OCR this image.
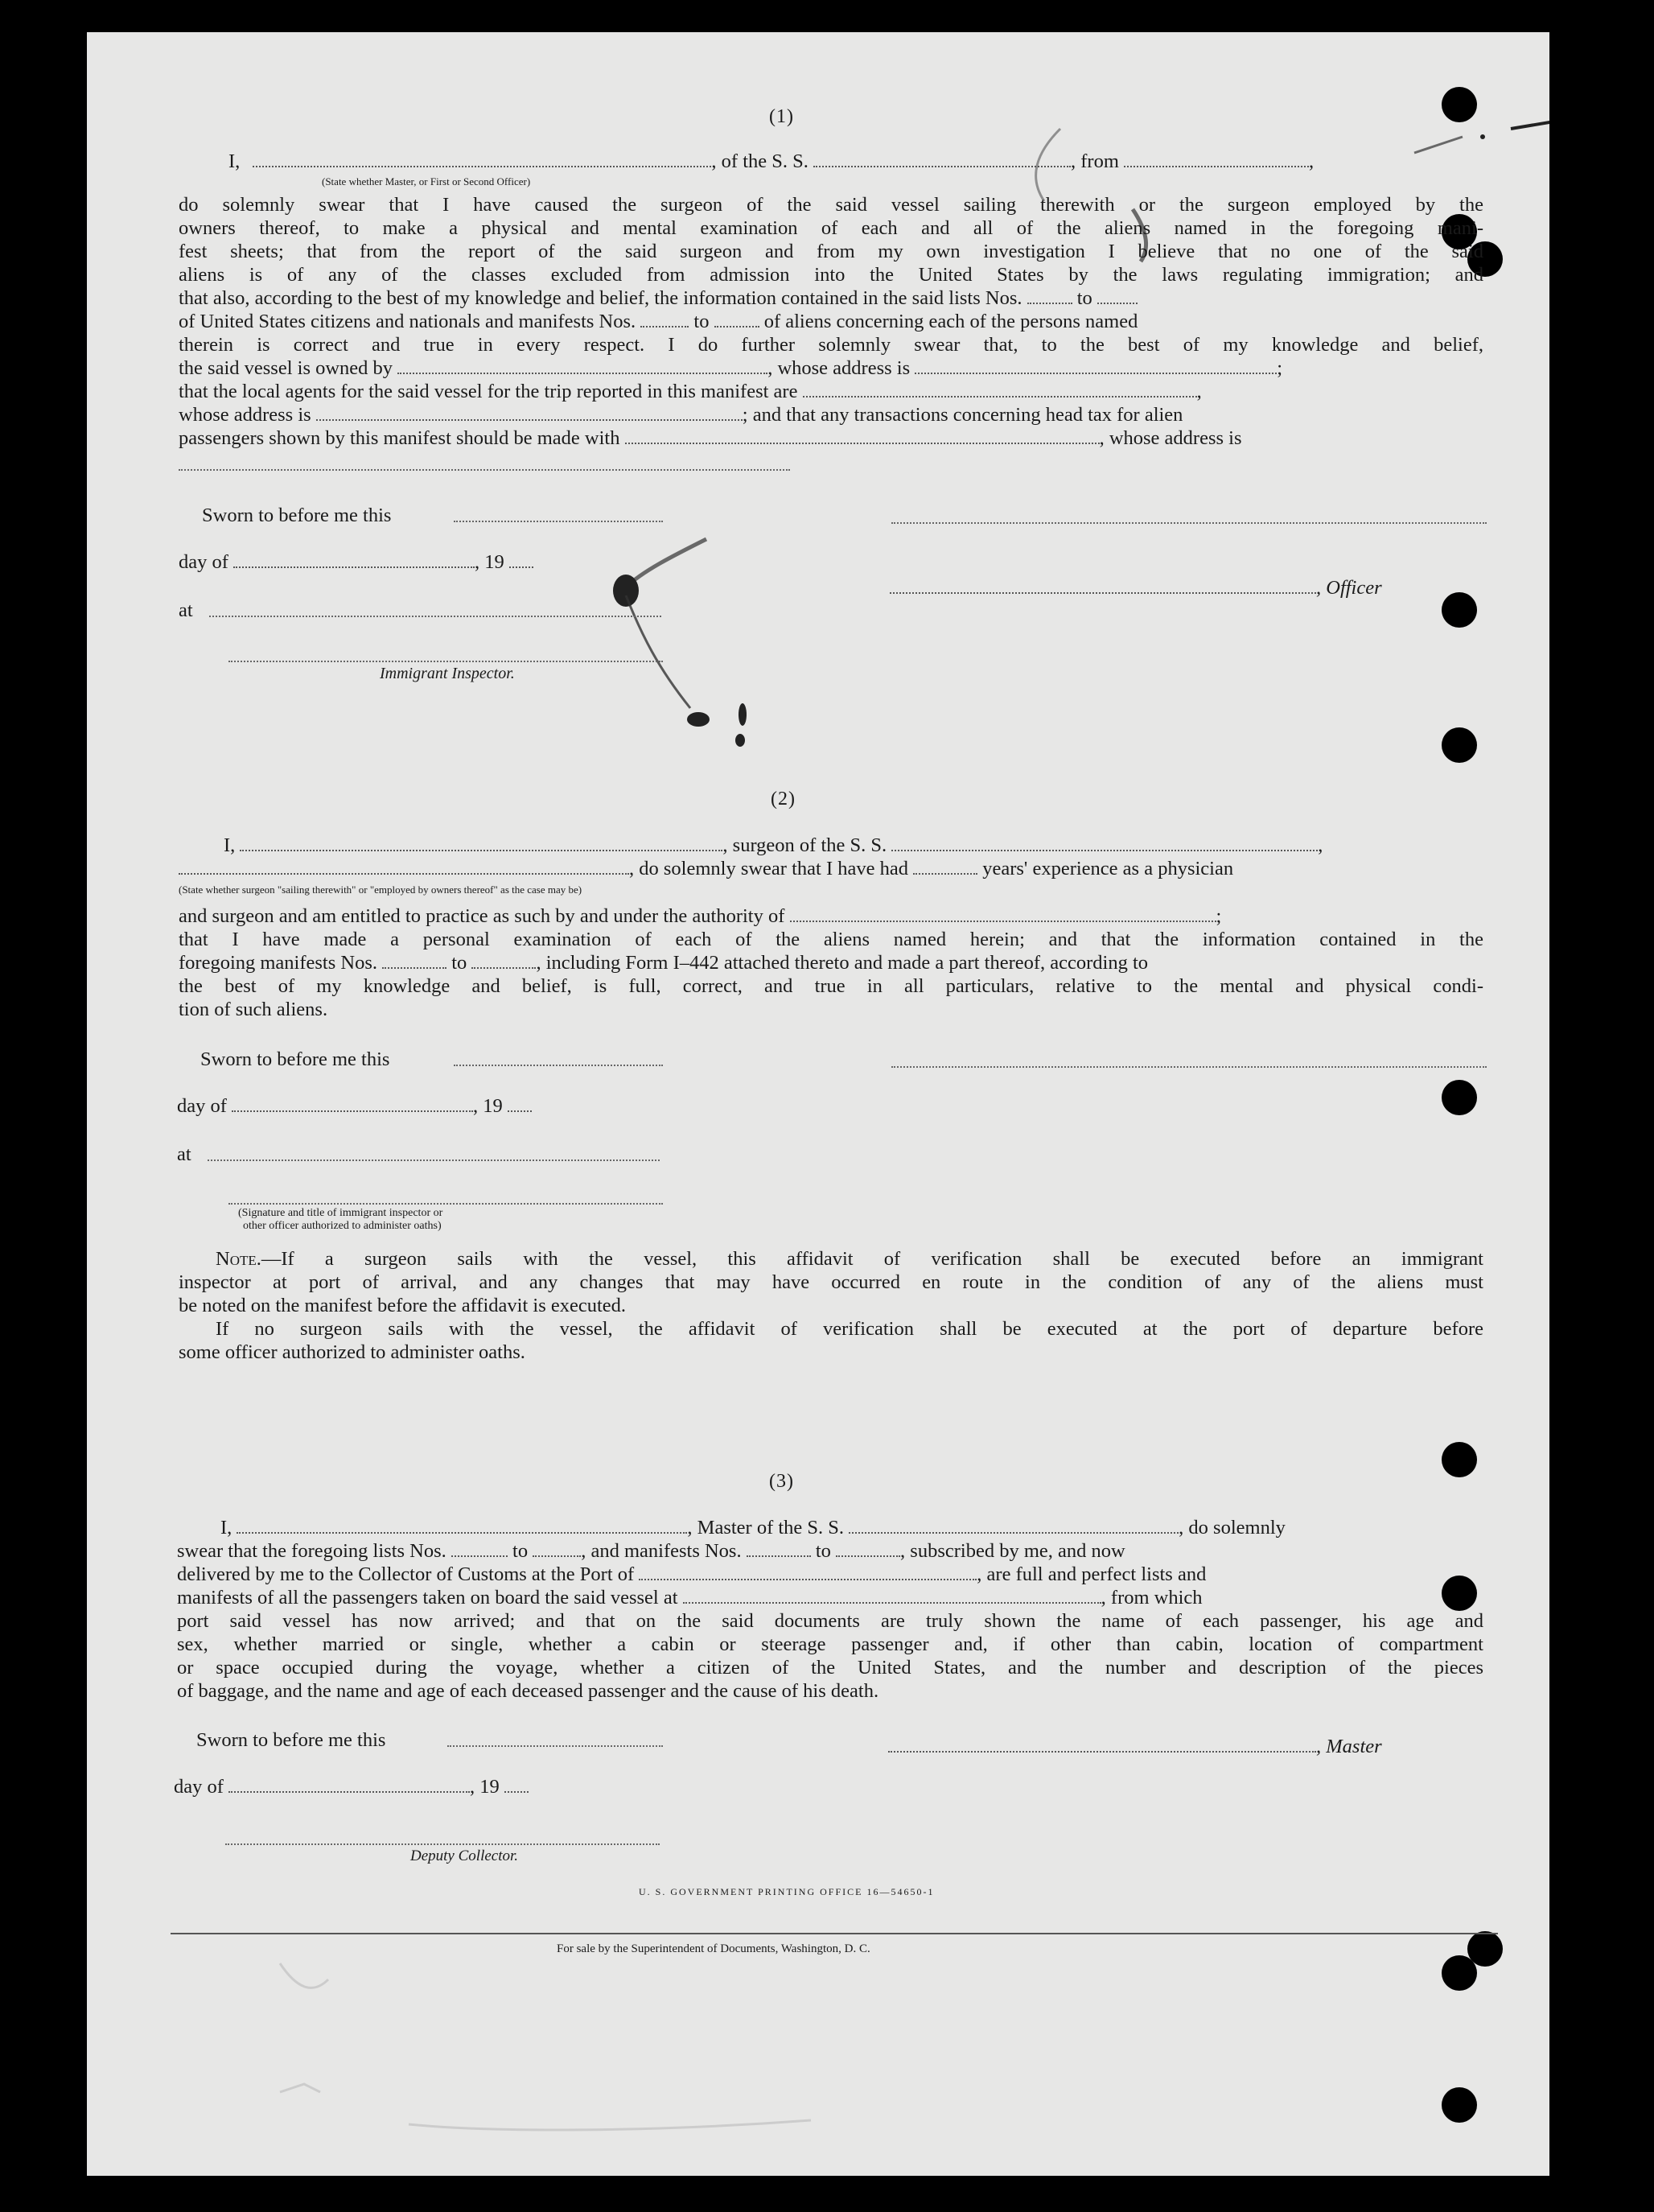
(1)
I,	, of the S. S.	, from	,
(State whether Master, or First or Second Officer)
do solemnly swear that I have caused the surgeon of the said vessel sailing therewith or the surgeon employed by the
owners thereof, to make a physical and mental examination of each and all of the aliens named in the foregoing mani-
fest sheets; that from the report of the said surgeon and from my own investigation I believe that no one of the said
aliens is of any of the classes excluded from admission into the United States by the laws regulating immigration; and
that also, according to the best of my knowledge and belief, the information contained in the said lists Nos.	to
of United States citizens and nationals and manifests Nos.	to	of aliens concerning each of the persons named
therein is correct and true in every respect. I do further solemnly swear that, to the best of my knowledge and belief,
the said vessel is owned by	, whose address is	;
that the local agents for the said vessel for the trip reported in this manifest are	,
whose address is	; and that any transactions concerning head tax for alien
passengers shown by this manifest should be made with	, whose address is
Sworn to before me this
day of	, 19
, Officer
at
Immigrant Inspector.
(2)
I,	, surgeon of the S. S.	,
, do solemnly swear that I have had	years' experience as a physician
(State whether surgeon "sailing therewith" or "employed by owners thereof" as the case may be)
and surgeon and am entitled to practice as such by and under the authority of	;
that I have made a personal examination of each of the aliens named herein; and that the information contained in the
foregoing manifests Nos.	to	, including Form I–442 attached thereto and made a part thereof, according to
the best of my knowledge and belief, is full, correct, and true in all particulars, relative to the mental and physical condi-
tion of such aliens.
Sworn to before me this
day of	, 19
at
(Signature and title of immigrant inspector or
other officer authorized to administer oaths)
Note.—If a surgeon sails with the vessel, this affidavit of verification shall be executed before an immigrant
inspector at port of arrival, and any changes that may have occurred en route in the condition of any of the aliens must
be noted on the manifest before the affidavit is executed.
If no surgeon sails with the vessel, the affidavit of verification shall be executed at the port of departure before
some officer authorized to administer oaths.
(3)
I,	, Master of the S. S.	, do solemnly
swear that the foregoing lists Nos.	to	, and manifests Nos.	to	, subscribed by me, and now
delivered by me to the Collector of Customs at the Port of	, are full and perfect lists and
manifests of all the passengers taken on board the said vessel at	, from which
port said vessel has now arrived; and that on the said documents are truly shown the name of each passenger, his age and
sex, whether married or single, whether a cabin or steerage passenger and, if other than cabin, location of compartment
or space occupied during the voyage, whether a citizen of the United States, and the number and description of the pieces
of baggage, and the name and age of each deceased passenger and the cause of his death.
Sworn to before me this	, Master
day of	, 19
Deputy Collector.
U. S. GOVERNMENT PRINTING OFFICE 16—54650-1
For sale by the Superintendent of Documents, Washington, D. C.
